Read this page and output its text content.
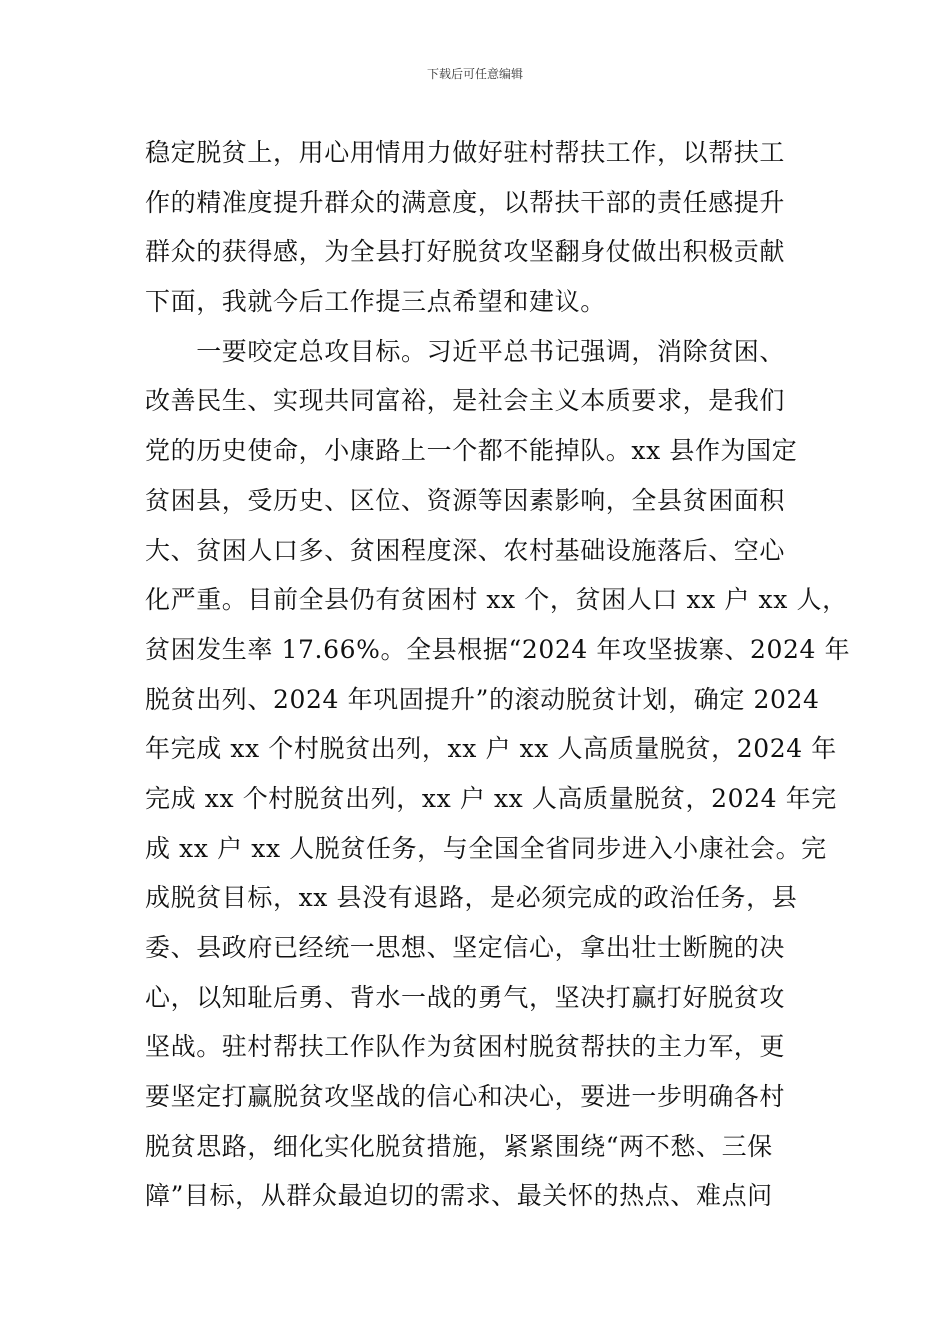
下载后可任意编辑
稳定脱贫上，用心用情用力做好驻村帮扶工作，以帮扶工
作的精准度提升群众的满意度，以帮扶干部的责任感提升
群众的获得感，为全县打好脱贫攻坚翻身仗做出积极贡献
下面，我就今后工作提三点希望和建议。
　　一要咬定总攻目标。习近平总书记强调，消除贫困、
改善民生、实现共同富裕，是社会主义本质要求，是我们
党的历史使命，小康路上一个都不能掉队。xx 县作为国定
贫困县，受历史、区位、资源等因素影响，全县贫困面积
大、贫困人口多、贫困程度深、农村基础设施落后、空心
化严重。目前全县仍有贫困村 xx 个，贫困人口 xx 户 xx 人，
贫困发生率 17.66%。全县根据“2024 年攻坚拔寨、2024 年
脱贫出列、2024 年巩固提升”的滚动脱贫计划，确定 2024
年完成 xx 个村脱贫出列，xx 户 xx 人高质量脱贫，2024 年
完成 xx 个村脱贫出列，xx 户 xx 人高质量脱贫，2024 年完
成 xx 户 xx 人脱贫任务，与全国全省同步进入小康社会。完
成脱贫目标，xx 县没有退路，是必须完成的政治任务，县
委、县政府已经统一思想、坚定信心，拿出壮士断腕的决
心，以知耻后勇、背水一战的勇气，坚决打赢打好脱贫攻
坚战。驻村帮扶工作队作为贫困村脱贫帮扶的主力军，更
要坚定打赢脱贫攻坚战的信心和决心，要进一步明确各村
脱贫思路，细化实化脱贫措施，紧紧围绕“两不愁、三保
障”目标，从群众最迫切的需求、最关怀的热点、难点问
